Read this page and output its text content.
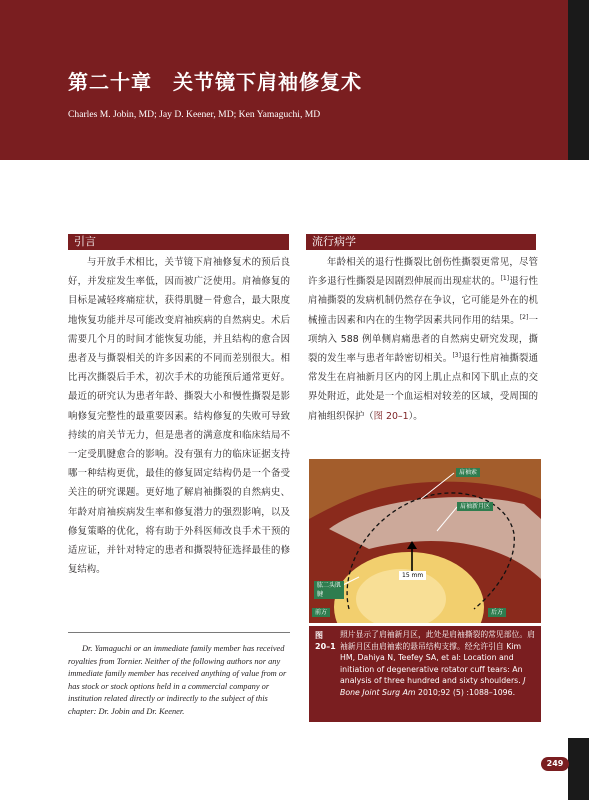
第二十章　关节镜下肩袖修复术
Charles M. Jobin, MD; Jay D. Keener, MD; Ken Yamaguchi, MD
引言
与开放手术相比，关节镜下肩袖修复术的预后良好，并发症发生率低，因而被广泛使用。肩袖修复的目标是减轻疼痛症状，获得肌腱－骨愈合，最大限度地恢复功能并尽可能改变肩袖疾病的自然病史。术后需要几个月的时间才能恢复功能，并且结构的愈合因患者及与撕裂相关的许多因素的不同而差别很大。相比再次撕裂后手术，初次手术的功能预后通常更好。最近的研究认为患者年龄、撕裂大小和慢性撕裂是影响修复完整性的最重要因素。结构修复的失败可导致持续的肩关节无力，但是患者的满意度和临床结局不一定受肌腱愈合的影响。没有强有力的临床证据支持哪一种结构更优，最佳的修复固定结构仍是一个备受关注的研究课题。更好地了解肩袖撕裂的自然病史、年龄对肩袖疾病发生率和修复潜力的强烈影响，以及修复策略的优化，将有助于外科医师改良手术干预的适应证，并针对特定的患者和撕裂特征选择最佳的修复结构。
流行病学
年龄相关的退行性撕裂比创伤性撕裂更常见，尽管许多退行性撕裂是因剧烈伸展而出现症状的。[1]退行性肩袖撕裂的发病机制仍然存在争议，它可能是外在的机械撞击因素和内在的生物学因素共同作用的结果。[2]一项纳入 588 例单侧肩痛患者的自然病史研究发现，撕裂的发生率与患者年龄密切相关。[3]退行性肩袖撕裂通常发生在肩袖新月区内的冈上肌止点和冈下肌止点的交界处附近，此处是一个血运相对较差的区域，受周围的肩袖组织保护（图 20–1）。
肩袖索
肩袖新月区
肱二头肌腱
前方	后方
15 mm
图 20–1
照片显示了肩袖新月区，此处是肩袖撕裂的常见部位。肩袖新月区由肩袖索的悬吊结构支撑。经允许引自 Kim HM, Dahiya N, Teefey SA, et al: Location and initiation of degenerative rotator cuff tears: An analysis of three hundred and sixty shoulders. J Bone Joint Surg Am 2010;92 (5) :1088–1096.
Dr. Yamaguchi or an immediate family member has received royalties from Tornier. Neither of the following authors nor any immediate family member has received anything of value from or has stock or stock options held in a commercial company or institution related directly or indirectly to the subject of this chapter: Dr. Jobin and Dr. Keener.
249
